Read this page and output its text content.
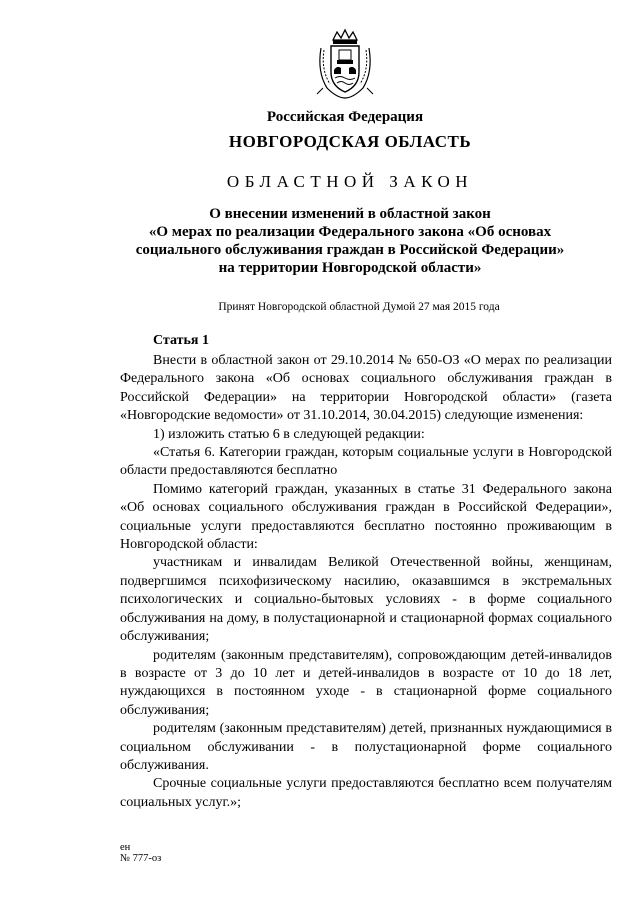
Российская Федерация
НОВГОРОДСКАЯ ОБЛАСТЬ
ОБЛАСТНОЙ ЗАКОН
О внесении изменений в областной закон
«О мерах по реализации Федерального закона «Об основах
социального обслуживания граждан в Российской Федерации»
на территории Новгородской области»
Принят Новгородской областной Думой 27 мая 2015 года
Статья 1

Внести в областной закон от 29.10.2014 № 650-ОЗ «О мерах по реализации Федерального закона «Об основах социального обслуживания граждан в Российской Федерации» на территории Новгородской области» (газета «Новгородские ведомости» от 31.10.2014, 30.04.2015) следующие изменения:

1) изложить статью 6 в следующей редакции:

«Статья 6. Категории граждан, которым социальные услуги в Новгородской области предоставляются бесплатно

Помимо категорий граждан, указанных в статье 31 Федерального закона «Об основах социального обслуживания граждан в Российской Федерации», социальные услуги предоставляются бесплатно постоянно проживающим в Новгородской области:

участникам и инвалидам Великой Отечественной войны, женщинам, подвергшимся психофизическому насилию, оказавшимся в экстремальных психологических и социально-бытовых условиях - в форме социального обслуживания на дому, в полустационарной и стационарной формах социального обслуживания;

родителям (законным представителям), сопровождающим детей-инвалидов в возрасте от 3 до 10 лет и детей-инвалидов в возрасте от 10 до 18 лет, нуждающихся в постоянном уходе - в стационарной форме социального обслуживания;

родителям (законным представителям) детей, признанных нуждающимися в социальном обслуживании - в полустационарной форме социального обслуживания.

Срочные социальные услуги предоставляются бесплатно всем получателям социальных услуг.»;

ен
№ 777-оз
